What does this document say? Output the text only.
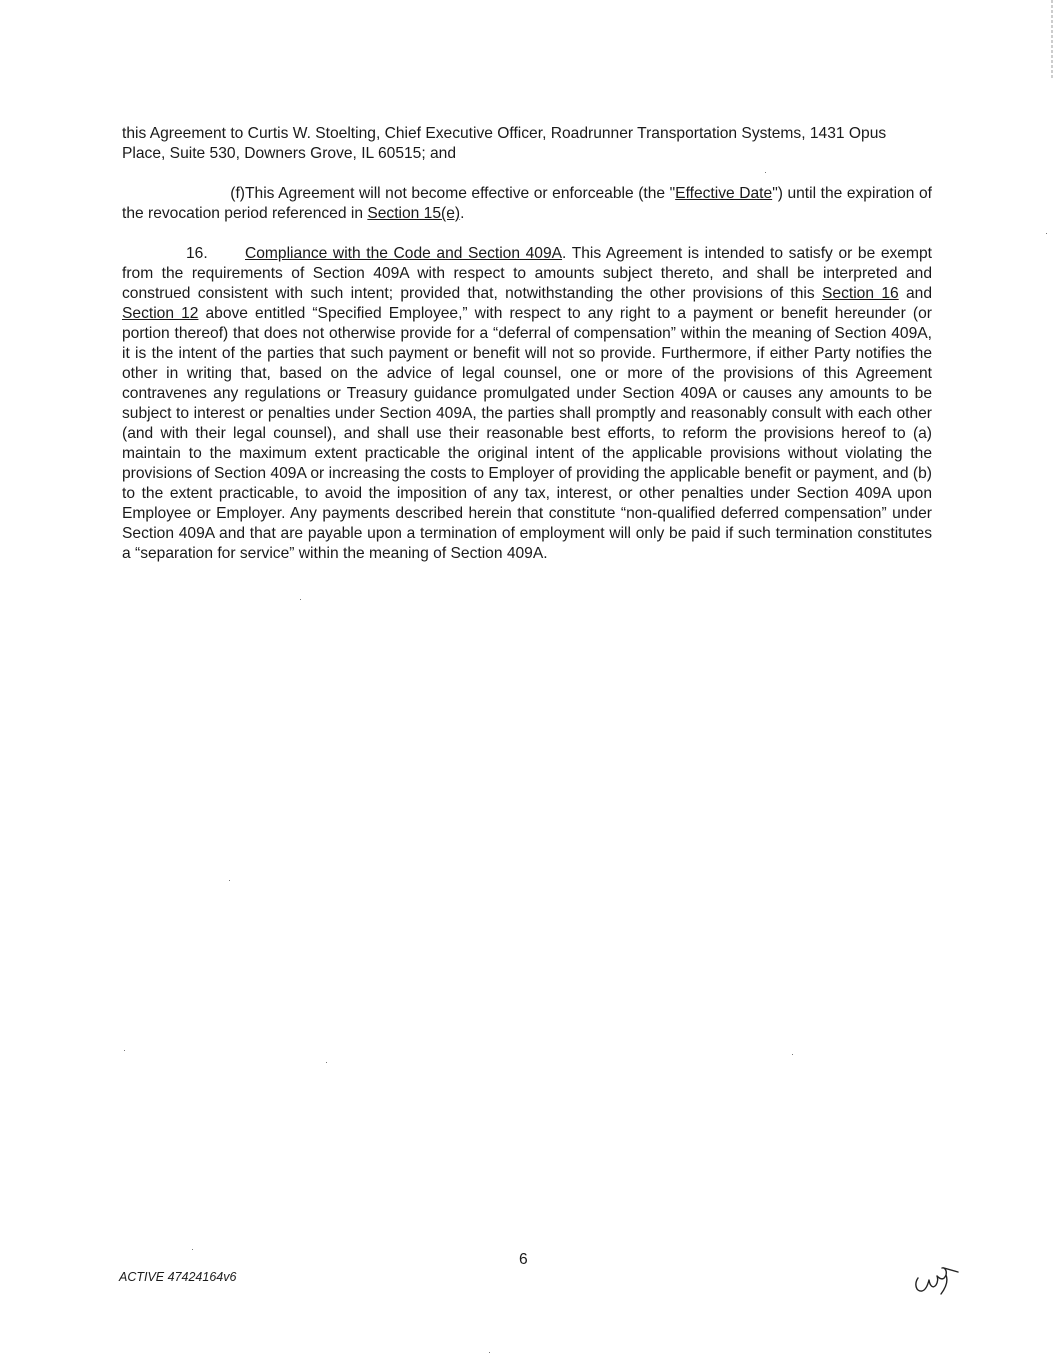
this Agreement to Curtis W. Stoelting, Chief Executive Officer, Roadrunner Transportation Systems, 1431 Opus Place, Suite 530, Downers Grove, IL 60515; and
(f)This Agreement will not become effective or enforceable (the "Effective Date") until the expiration of the revocation period referenced in Section 15(e).
16. Compliance with the Code and Section 409A. This Agreement is intended to satisfy or be exempt from the requirements of Section 409A with respect to amounts subject thereto, and shall be interpreted and construed consistent with such intent; provided that, notwithstanding the other provisions of this Section 16 and Section 12 above entitled “Specified Employee,” with respect to any right to a payment or benefit hereunder (or portion thereof) that does not otherwise provide for a “deferral of compensation” within the meaning of Section 409A, it is the intent of the parties that such payment or benefit will not so provide. Furthermore, if either Party notifies the other in writing that, based on the advice of legal counsel, one or more of the provisions of this Agreement contravenes any regulations or Treasury guidance promulgated under Section 409A or causes any amounts to be subject to interest or penalties under Section 409A, the parties shall promptly and reasonably consult with each other (and with their legal counsel), and shall use their reasonable best efforts, to reform the provisions hereof to (a) maintain to the maximum extent practicable the original intent of the applicable provisions without violating the provisions of Section 409A or increasing the costs to Employer of providing the applicable benefit or payment, and (b) to the extent practicable, to avoid the imposition of any tax, interest, or other penalties under Section 409A upon Employee or Employer. Any payments described herein that constitute “non-qualified deferred compensation” under Section 409A and that are payable upon a termination of employment will only be paid if such termination constitutes a “separation for service” within the meaning of Section 409A.
6
ACTIVE 47424164v6
